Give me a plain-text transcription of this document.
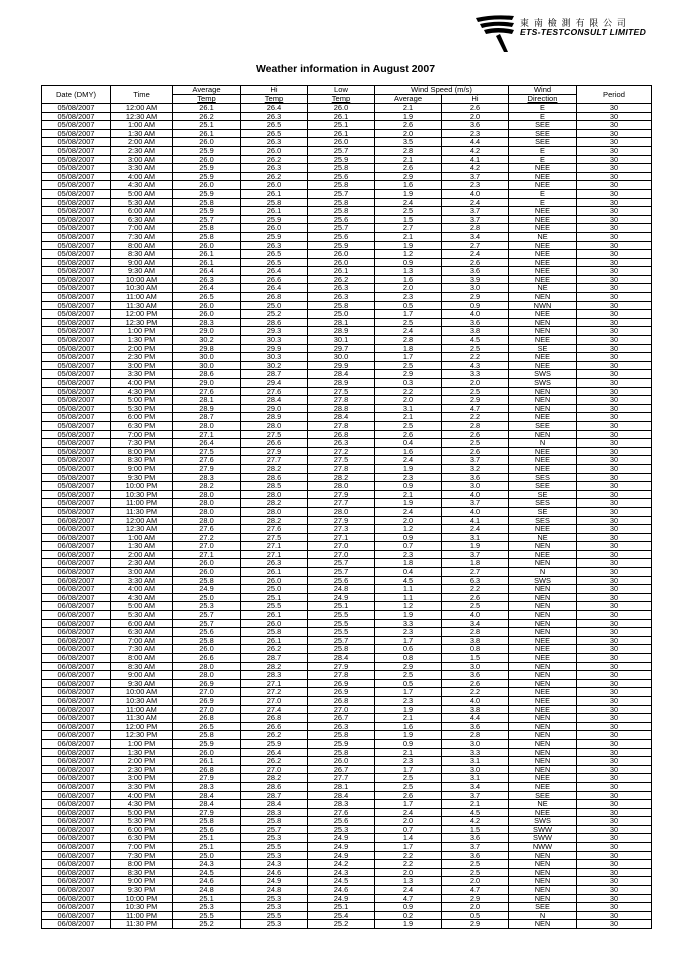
東 南 檢 測 有 限 公 司
ETS-TESTCONSULT LIMITED
Weather information in August 2007
Date (DMY)	Time	Average	Hi	Low	Wind Speed (m/s)		Wind	Period
		Temp	Temp	Temp	Average	Hi	Direction	
05/08/2007	12:00 AM	26.1	26.4	26.0	2.1	2.6	E	30
05/08/2007	12:30 AM	26.2	26.3	26.1	1.9	2.0	E	30
05/08/2007	1:00 AM	25.1	26.5	25.1	2.6	3.6	SEE	30
05/08/2007	1:30 AM	26.1	26.5	26.1	2.0	2.3	SEE	30
05/08/2007	2:00 AM	26.0	26.3	26.0	3.5	4.4	SEE	30
05/08/2007	2:30 AM	25.9	26.0	25.7	2.8	4.2	E	30
05/08/2007	3:00 AM	26.0	26.2	25.9	2.1	4.1	E	30
05/08/2007	3:30 AM	25.9	26.3	25.8	2.6	4.2	NEE	30
05/08/2007	4:00 AM	25.9	26.2	25.6	2.9	3.7	NEE	30
05/08/2007	4:30 AM	26.0	26.0	25.8	1.6	2.3	NEE	30
05/08/2007	5:00 AM	25.9	26.1	25.7	1.9	4.0	E	30
05/08/2007	5:30 AM	25.8	25.8	25.8	2.4	2.4	E	30
05/08/2007	6:00 AM	25.9	26.1	25.8	2.5	3.7	NEE	30
05/08/2007	6:30 AM	25.7	25.9	25.6	1.5	3.7	NEE	30
05/08/2007	7:00 AM	25.8	26.0	25.7	2.7	2.8	NEE	30
05/08/2007	7:30 AM	25.8	25.9	25.6	2.1	3.4	NE	30
05/08/2007	8:00 AM	26.0	26.3	25.9	1.9	2.7	NEE	30
05/08/2007	8:30 AM	26.1	26.5	26.0	1.2	2.4	NEE	30
05/08/2007	9:00 AM	26.1	26.5	26.0	0.9	2.6	NEE	30
05/08/2007	9:30 AM	26.4	26.4	26.1	1.3	3.6	NEE	30
05/08/2007	10:00 AM	26.3	26.6	26.2	1.6	3.9	NEE	30
05/08/2007	10:30 AM	26.4	26.4	26.3	2.0	3.0	NE	30
05/08/2007	11:00 AM	26.5	26.8	26.3	2.3	2.9	NEN	30
05/08/2007	11:30 AM	26.0	25.0	25.8	0.5	0.9	NWN	30
05/08/2007	12:00 PM	26.0	25.2	25.0	1.7	4.0	NEE	30
05/08/2007	12:30 PM	28.3	28.6	28.1	2.5	3.6	NEN	30
05/08/2007	1:00 PM	29.0	29.3	28.9	2.4	3.8	NEN	30
05/08/2007	1:30 PM	30.2	30.3	30.1	2.8	4.5	NEE	30
05/08/2007	2:00 PM	29.8	29.9	29.7	1.8	2.5	SE	30
05/08/2007	2:30 PM	30.0	30.3	30.0	1.7	2.2	NEE	30
05/08/2007	3:00 PM	30.0	30.2	29.9	2.5	4.3	NEE	30
05/08/2007	3:30 PM	28.6	28.7	28.4	2.9	3.3	SWS	30
05/08/2007	4:00 PM	29.0	29.4	28.9	0.3	2.0	SWS	30
05/08/2007	4:30 PM	27.6	27.6	27.5	2.2	2.5	NEN	30
05/08/2007	5:00 PM	28.1	28.4	27.8	2.0	2.9	NEN	30
05/08/2007	5:30 PM	28.9	29.0	28.8	3.1	4.7	NEN	30
05/08/2007	6:00 PM	28.7	28.9	28.4	2.1	2.2	NEE	30
05/08/2007	6:30 PM	28.0	28.0	27.8	2.5	2.8	SEE	30
05/08/2007	7:00 PM	27.1	27.5	26.8	2.6	2.6	NEN	30
05/08/2007	7:30 PM	26.4	26.6	26.3	0.4	2.5	N	30
05/08/2007	8:00 PM	27.5	27.9	27.2	1.6	2.6	NEE	30
05/08/2007	8:30 PM	27.6	27.7	27.5	2.4	3.7	NEE	30
05/08/2007	9:00 PM	27.9	28.2	27.8	1.9	3.2	NEE	30
05/08/2007	9:30 PM	28.3	28.6	28.2	2.3	3.6	SES	30
05/08/2007	10:00 PM	28.2	28.5	28.0	0.9	3.0	SEE	30
05/08/2007	10:30 PM	28.0	28.0	27.9	2.1	4.0	SE	30
05/08/2007	11:00 PM	28.0	28.2	27.7	1.9	3.7	SES	30
05/08/2007	11:30 PM	28.0	28.0	28.0	2.4	4.0	SE	30
06/08/2007	12:00 AM	28.0	28.2	27.9	2.0	4.1	SES	30
06/08/2007	12:30 AM	27.6	27.6	27.3	1.2	2.4	NEE	30
06/08/2007	1:00 AM	27.2	27.5	27.1	0.9	3.1	NE	30
06/08/2007	1:30 AM	27.0	27.1	27.0	0.7	1.9	NEN	30
06/08/2007	2:00 AM	27.1	27.1	27.0	2.3	3.7	NEE	30
06/08/2007	2:30 AM	26.0	26.3	25.7	1.8	1.8	NEN	30
06/08/2007	3:00 AM	26.0	26.1	25.7	0.4	2.7	N	30
06/08/2007	3:30 AM	25.8	26.0	25.6	4.5	6.3	SWS	30
06/08/2007	4:00 AM	24.9	25.0	24.8	1.1	2.2	NEN	30
06/08/2007	4:30 AM	25.0	25.1	24.9	1.1	2.6	NEN	30
06/08/2007	5:00 AM	25.3	25.5	25.1	1.2	2.5	NEN	30
06/08/2007	5:30 AM	25.7	26.1	25.5	1.9	4.0	NEN	30
06/08/2007	6:00 AM	25.7	26.0	25.5	3.3	3.4	NEN	30
06/08/2007	6:30 AM	25.6	25.8	25.5	2.3	2.8	NEN	30
06/08/2007	7:00 AM	25.8	26.1	25.7	1.7	3.8	NEE	30
06/08/2007	7:30 AM	26.0	26.2	25.8	0.6	0.8	NEE	30
06/08/2007	8:00 AM	26.6	28.7	28.4	0.8	1.5	NEE	30
06/08/2007	8:30 AM	28.0	28.2	27.9	2.9	3.0	NEN	30
06/08/2007	9:00 AM	28.0	28.3	27.8	2.5	3.6	NEN	30
06/08/2007	9:30 AM	26.9	27.1	26.9	0.5	2.6	NEN	30
06/08/2007	10:00 AM	27.0	27.2	26.9	1.7	2.2	NEE	30
06/08/2007	10:30 AM	26.9	27.0	26.8	2.3	4.0	NEE	30
06/08/2007	11:00 AM	27.0	27.4	27.0	1.9	3.8	NEE	30
06/08/2007	11:30 AM	26.8	26.8	26.7	2.1	4.4	NEN	30
06/08/2007	12:00 PM	26.5	26.6	26.3	1.6	3.6	NEN	30
06/08/2007	12:30 PM	25.8	26.2	25.8	1.9	2.8	NEN	30
06/08/2007	1:00 PM	25.9	25.9	25.9	0.9	3.0	NEN	30
06/08/2007	1:30 PM	26.0	26.4	25.8	2.1	3.3	NEN	30
06/08/2007	2:00 PM	26.1	26.2	26.0	2.3	3.1	NEN	30
06/08/2007	2:30 PM	26.8	27.0	26.7	1.7	3.0	NEN	30
06/08/2007	3:00 PM	27.9	28.2	27.7	2.5	3.1	NEE	30
06/08/2007	3:30 PM	28.3	28.6	28.1	2.5	3.4	NEE	30
06/08/2007	4:00 PM	28.4	28.7	28.4	2.6	3.7	SEE	30
06/08/2007	4:30 PM	28.4	28.4	28.3	1.7	2.1	NE	30
06/08/2007	5:00 PM	27.9	28.3	27.6	2.4	4.5	NEE	30
06/08/2007	5:30 PM	25.8	25.8	25.6	2.0	4.2	SWS	30
06/08/2007	6:00 PM	25.6	25.7	25.3	0.7	1.5	SWW	30
06/08/2007	6:30 PM	25.1	25.3	24.9	1.4	3.6	SWW	30
06/08/2007	7:00 PM	25.1	25.5	24.9	1.7	3.7	NWW	30
06/08/2007	7:30 PM	25.0	25.3	24.9	2.2	3.6	NEN	30
06/08/2007	8:00 PM	24.3	24.3	24.2	2.2	2.5	NEN	30
06/08/2007	8:30 PM	24.5	24.6	24.3	2.0	2.5	NEN	30
06/08/2007	9:00 PM	24.6	24.9	24.5	1.3	2.0	NEN	30
06/08/2007	9:30 PM	24.8	24.8	24.6	2.4	4.7	NEN	30
06/08/2007	10:00 PM	25.1	25.3	24.9	4.7	2.9	NEN	30
06/08/2007	10:30 PM	25.3	25.3	25.1	0.9	2.0	SEE	30
06/08/2007	11:00 PM	25.5	25.5	25.4	0.2	0.5	N	30
06/08/2007	11:30 PM	25.2	25.3	25.2	1.9	2.9	NEN	30
